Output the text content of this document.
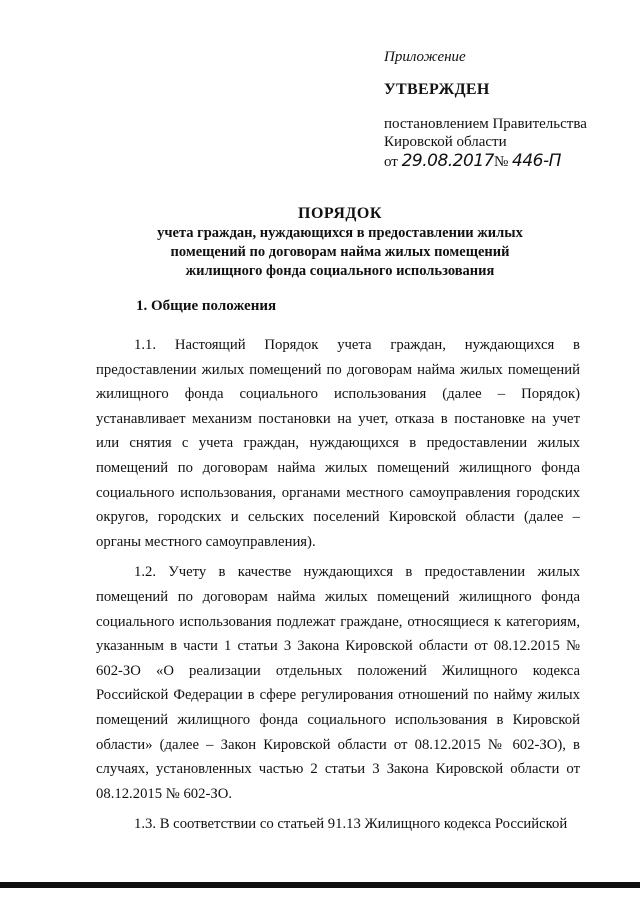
Приложение
УТВЕРЖДЕН
постановлением Правительства
Кировской области
от 29.08.2017№ 446-П
ПОРЯДОК
учета граждан, нуждающихся в предоставлении жилых
помещений по договорам найма жилых помещений
жилищного фонда социального использования
1. Общие положения

1.1. Настоящий Порядок учета граждан, нуждающихся в предоставлении жилых помещений по договорам найма жилых помещений жилищного фонда социального использования (далее – Порядок) устанавливает механизм постановки на учет, отказа в постановке на учет или снятия с учета граждан, нуждающихся в предоставлении жилых помещений по договорам найма жилых помещений жилищного фонда социального использования, органами местного самоуправления городских округов, городских и сельских поселений Кировской области (далее – органы местного самоуправления).

1.2. Учету в качестве нуждающихся в предоставлении жилых помещений по договорам найма жилых помещений жилищного фонда социального использования подлежат граждане, относящиеся к категориям, указанным в части 1 статьи 3 Закона Кировской области от 08.12.2015 № 602-ЗО «О реализации отдельных положений Жилищного кодекса Российской Федерации в сфере регулирования отношений по найму жилых помещений жилищного фонда социального использования в Кировской области» (далее – Закон Кировской области от 08.12.2015 № 602-ЗО), в случаях, установленных частью 2 статьи 3 Закона Кировской области от 08.12.2015 № 602-ЗО.

1.3. В соответствии со статьей 91.13 Жилищного кодекса Российской
